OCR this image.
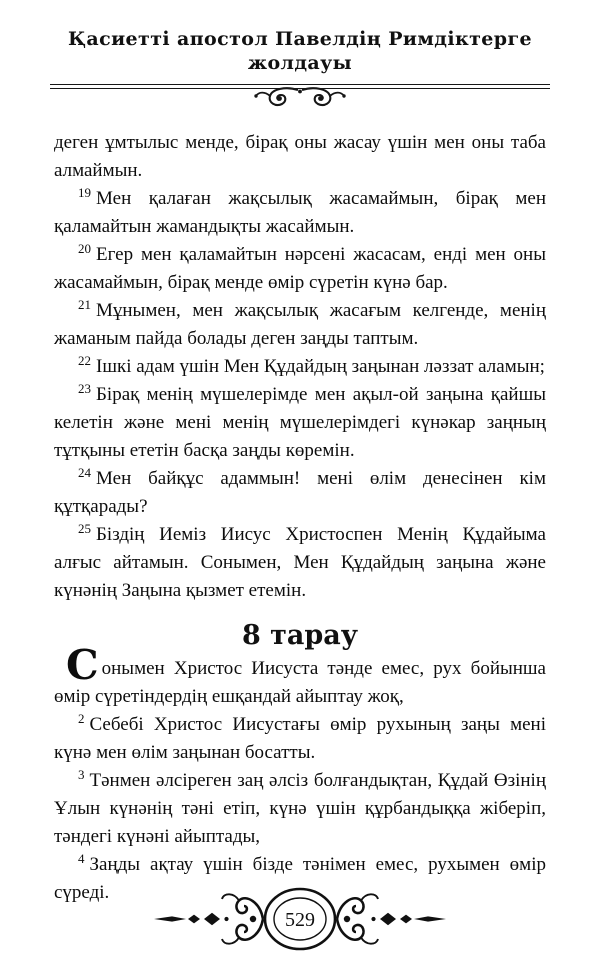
Қасиетті апостол Павелдің Римдіктерге жолдауы

деген ұмтылыс менде, бірақ оны жасау үшін мен оны таба алмаймын.

$^{19}$ Мен қалаған жақсылық жасамаймын, бірақ мен қаламайтын жамандықты жасаймын.

$^{20}$ Егер мен қаламайтын нәрсені жасасам, енді мен оны жасамаймын, бірақ менде өмір сүретін күнә бар.

$^{21}$ Мұнымен, мен жақсылық жасағым келгенде, менің жаманым пайда болады деген заңды таптым.

$^{22}$ Ішкі адам үшін Мен Құдайдың заңынан ләззат аламын;

$^{23}$ Бірақ менің мүшелерімде мен ақыл-ой заңына қайшы келетін және мені менің мүшелерімдегі күнәкар заңның тұтқыны ететін басқа заңды көремін.

$^{24}$ Мен байқұс адаммын! мені өлім денесінен кім құтқарады?

$^{25}$ Біздің Иеміз Иисус Христоспен Менің Құдайыма алғыс айтамын. Сонымен, Мен Құдайдың заңына және күнәнің Заңына қызмет етемін.

8 тарау

Сонымен Христос Иисуста тәнде емес, рух бойынша өмір сүретіндердің ешқандай айыптау жоқ,

$^2$ Себебі Христос Иисустағы өмір рухының заңы мені күнә мен өлім заңынан босатты.

$^3$ Тәнмен әлсіреген заң әлсіз болғандықтан, Құдай Өзінің Ұлын күнәнің тәні етіп, күнә үшін құрбандыққа жіберіп, тәндегі күнәні айыптады,

$^4$ Заңды ақтау үшін бізде тәнімен емес, рухымен өмір сүреді.

529
